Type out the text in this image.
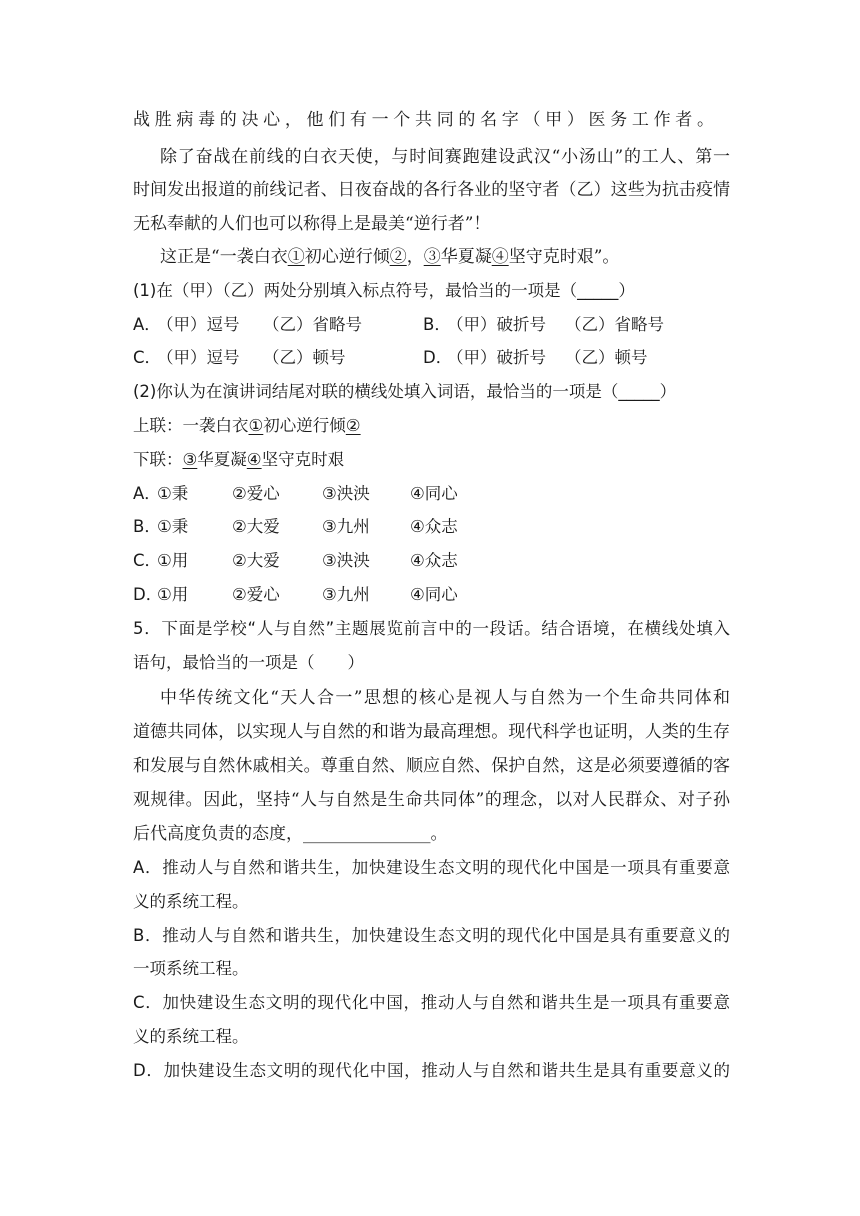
战胜病毒的决心，他们有一个共同的名字（甲）医务工作者。
除了奋战在前线的白衣天使，与时间赛跑建设武汉“小汤山”的工人、第一
时间发出报道的前线记者、日夜奋战的各行各业的坚守者（乙）这些为抗击疫情
无私奉献的人们也可以称得上是最美“逆行者”！
这正是“一袭白衣①初心逆行倾②，③华夏凝④坚守克时艰”。
(1)在（甲）（乙）两处分别填入标点符号，最恰当的一项是（_____）
A．（甲）逗号 （乙）省略号	B．（甲）破折号 （乙）省略号
C．（甲）逗号 （乙）顿号	D．（甲）破折号 （乙）顿号
(2)你认为在演讲词结尾对联的横线处填入词语，最恰当的一项是（_____）
上联：一袭白衣①初心逆行倾②
下联：③华夏凝④坚守克时艰
A．①秉	②爱心	③泱泱 ④同心
B．①秉	②大爱	③九州 ④众志
C．①用	②大爱	③泱泱 ④众志
D．①用	②爱心	③九州 ④同心
5．下面是学校“人与自然”主题展览前言中的一段话。结合语境，在横线处填入
语句，最恰当的一项是（　　）
中华传统文化“天人合一”思想的核心是视人与自然为一个生命共同体和
道德共同体，以实现人与自然的和谐为最高理想。现代科学也证明，人类的生存
和发展与自然休戚相关。尊重自然、顺应自然、保护自然，这是必须要遵循的客
观规律。因此，坚持“人与自然是生命共同体”的理念，以对人民群众、对子孙
后代高度负责的态度，_______________。
A．推动人与自然和谐共生，加快建设生态文明的现代化中国是一项具有重要意
义的系统工程。
B．推动人与自然和谐共生，加快建设生态文明的现代化中国是具有重要意义的
一项系统工程。
C．加快建设生态文明的现代化中国，推动人与自然和谐共生是一项具有重要意
义的系统工程。
D．加快建设生态文明的现代化中国，推动人与自然和谐共生是具有重要意义的
